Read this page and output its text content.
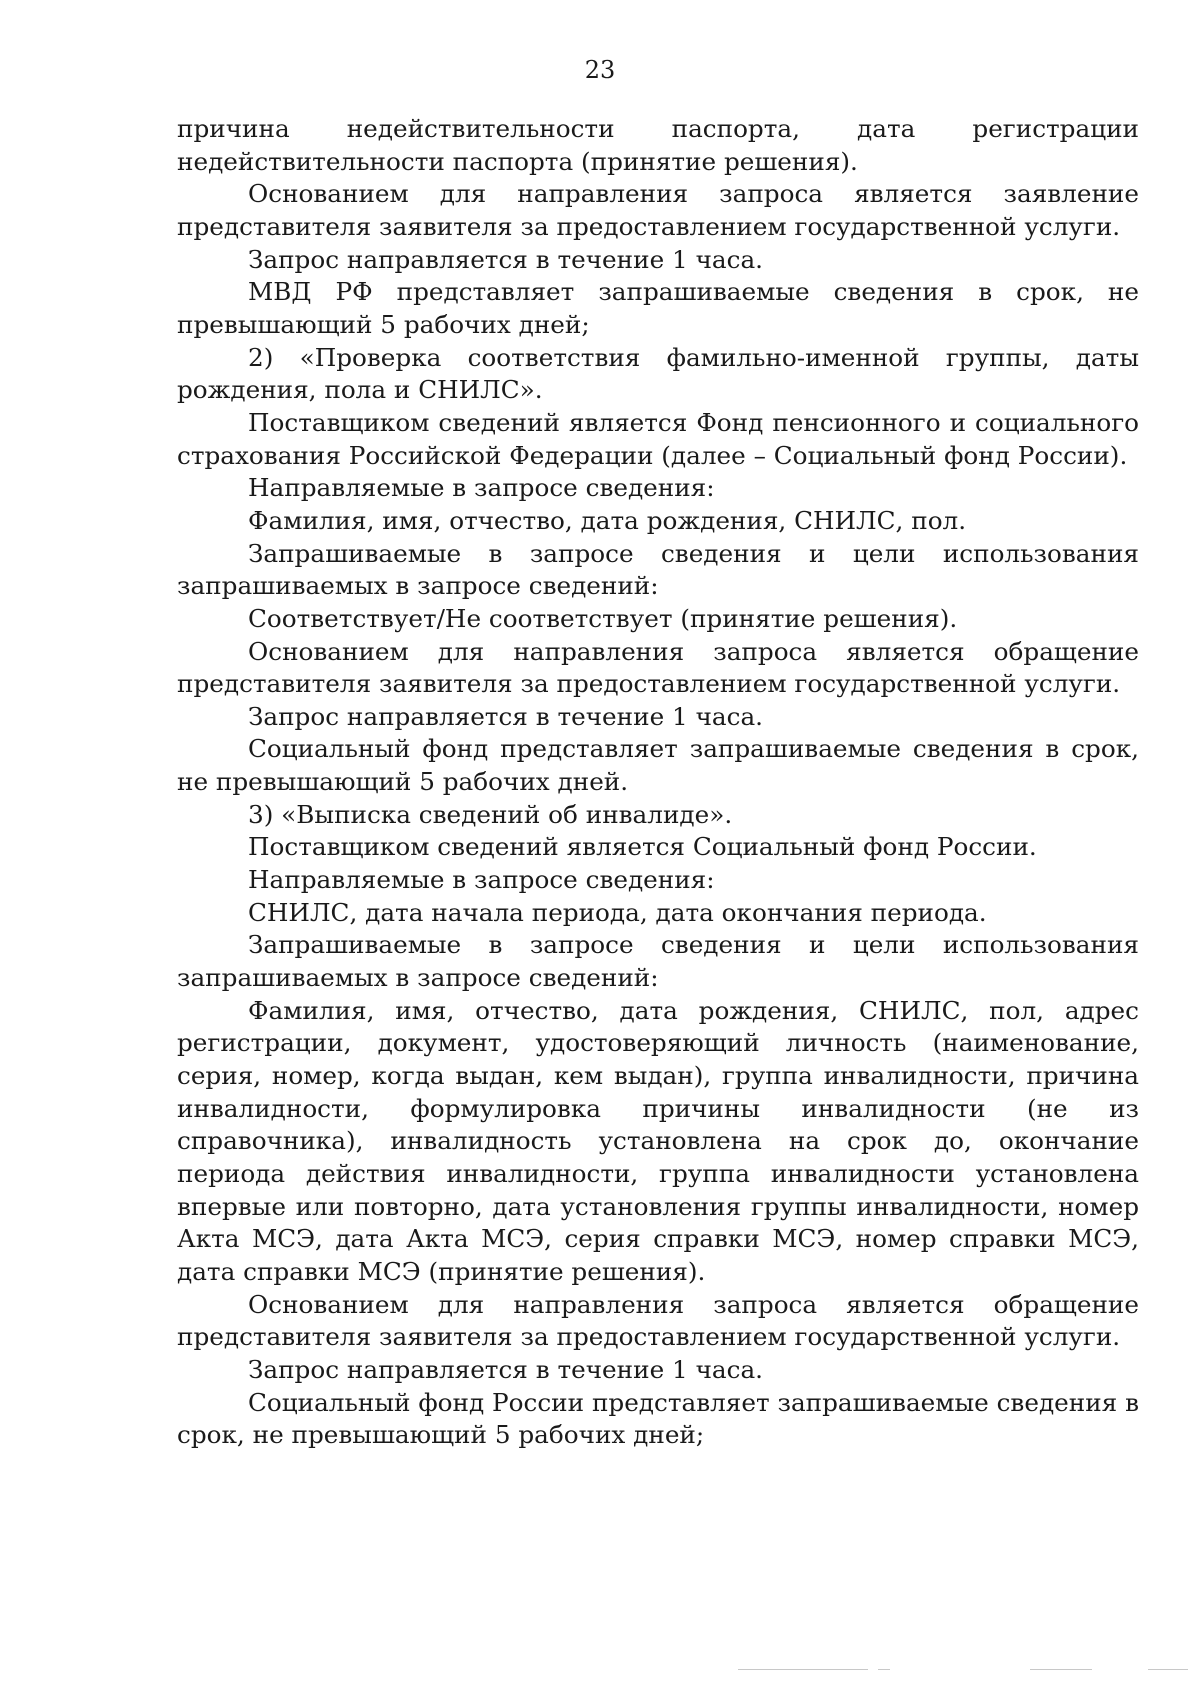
23

причина недействительности паспорта, дата регистрации недействительности паспорта (принятие решения).

Основанием для направления запроса является заявление представителя заявителя за предоставлением государственной услуги.

Запрос направляется в течение 1 часа.

МВД РФ представляет запрашиваемые сведения в срок, не превышающий 5 рабочих дней;

2) «Проверка соответствия фамильно-именной группы, даты рождения, пола и СНИЛС».

Поставщиком сведений является Фонд пенсионного и социального страхования Российской Федерации (далее – Социальный фонд России).

Направляемые в запросе сведения:

Фамилия, имя, отчество, дата рождения, СНИЛС, пол.

Запрашиваемые в запросе сведения и цели использования запрашиваемых в запросе сведений:

Соответствует/Не соответствует (принятие решения).

Основанием для направления запроса является обращение представителя заявителя за предоставлением государственной услуги.

Запрос направляется в течение 1 часа.

Социальный фонд представляет запрашиваемые сведения в срок, не превышающий 5 рабочих дней.

3) «Выписка сведений об инвалиде».

Поставщиком сведений является Социальный фонд России.

Направляемые в запросе сведения:

СНИЛС, дата начала периода, дата окончания периода.

Запрашиваемые в запросе сведения и цели использования запрашиваемых в запросе сведений:

Фамилия, имя, отчество, дата рождения, СНИЛС, пол, адрес регистрации, документ, удостоверяющий личность (наименование, серия, номер, когда выдан, кем выдан), группа инвалидности, причина инвалидности, формулировка причины инвалидности (не из справочника), инвалидность установлена на срок до, окончание периода действия инвалидности, группа инвалидности установлена впервые или повторно, дата установления группы инвалидности, номер Акта МСЭ, дата Акта МСЭ, серия справки МСЭ, номер справки МСЭ, дата справки МСЭ (принятие решения).

Основанием для направления запроса является обращение представителя заявителя за предоставлением государственной услуги.

Запрос направляется в течение 1 часа.

Социальный фонд России представляет запрашиваемые сведения в срок, не превышающий 5 рабочих дней;
